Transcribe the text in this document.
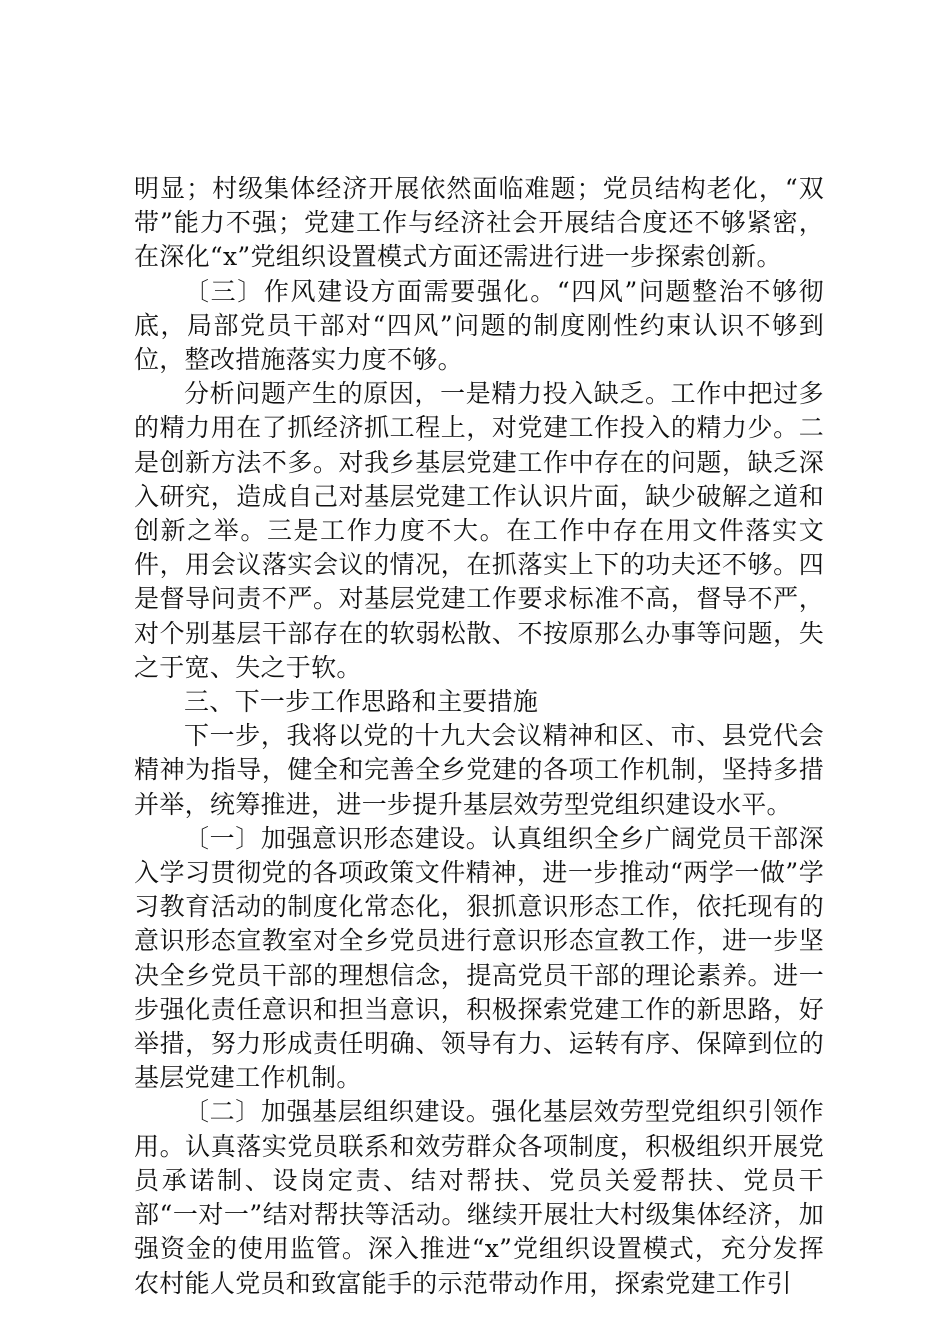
明显；村级集体经济开展依然面临难题；党员结构老化，“双带”能力不强；党建工作与经济社会开展结合度还不够紧密，在深化“x”党组织设置模式方面还需进行进一步探索创新。

〔三〕作风建设方面需要强化。“四风”问题整治不够彻底，局部党员干部对“四风”问题的制度刚性约束认识不够到位，整改措施落实力度不够。

分析问题产生的原因，一是精力投入缺乏。工作中把过多的精力用在了抓经济抓工程上，对党建工作投入的精力少。二是创新方法不多。对我乡基层党建工作中存在的问题，缺乏深入研究，造成自己对基层党建工作认识片面，缺少破解之道和创新之举。三是工作力度不大。在工作中存在用文件落实文件，用会议落实会议的情况，在抓落实上下的功夫还不够。四是督导问责不严。对基层党建工作要求标准不高，督导不严，对个别基层干部存在的软弱松散、不按原那么办事等问题，失之于宽、失之于软。

三、下一步工作思路和主要措施

下一步，我将以党的十九大会议精神和区、市、县党代会精神为指导，健全和完善全乡党建的各项工作机制，坚持多措并举，统筹推进，进一步提升基层效劳型党组织建设水平。

〔一〕加强意识形态建设。认真组织全乡广阔党员干部深入学习贯彻党的各项政策文件精神，进一步推动“两学一做”学习教育活动的制度化常态化，狠抓意识形态工作，依托现有的意识形态宣教室对全乡党员进行意识形态宣教工作，进一步坚决全乡党员干部的理想信念，提高党员干部的理论素养。进一步强化责任意识和担当意识，积极探索党建工作的新思路，好举措，努力形成责任明确、领导有力、运转有序、保障到位的基层党建工作机制。

〔二〕加强基层组织建设。强化基层效劳型党组织引领作用。认真落实党员联系和效劳群众各项制度，积极组织开展党员承诺制、设岗定责、结对帮扶、党员关爱帮扶、党员干部“一对一”结对帮扶等活动。继续开展壮大村级集体经济，加强资金的使用监管。深入推进“x”党组织设置模式，充分发挥农村能人党员和致富能手的示范带动作用，探索党建工作引
